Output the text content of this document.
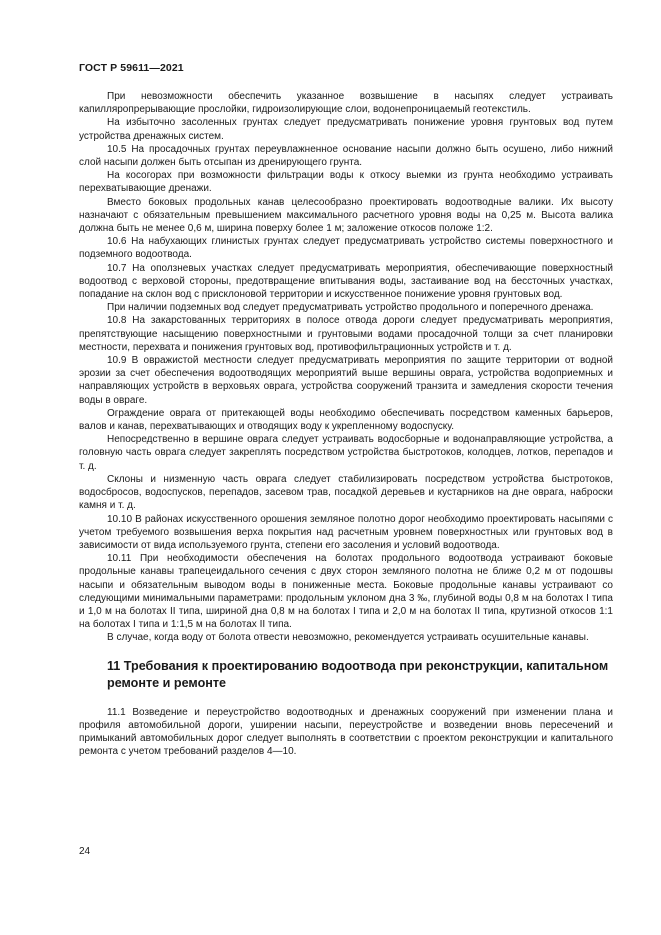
ГОСТ Р 59611—2021

При невозможности обеспечить указанное возвышение в насыпях следует устраивать капилляропрерывающие прослойки, гидроизолирующие слои, водонепроницаемый геотекстиль.

На избыточно засоленных грунтах следует предусматривать понижение уровня грунтовых вод путем устройства дренажных систем.

10.5 На просадочных грунтах переувлажненное основание насыпи должно быть осушено, либо нижний слой насыпи должен быть отсыпан из дренирующего грунта.

На косогорах при возможности фильтрации воды к откосу выемки из грунта необходимо устраивать перехватывающие дренажи.

Вместо боковых продольных канав целесообразно проектировать водоотводные валики. Их высоту назначают с обязательным превышением максимального расчетного уровня воды на 0,25 м. Высота валика должна быть не менее 0,6 м, ширина поверху более 1 м; заложение откосов положе 1:2.

10.6 На набухающих глинистых грунтах следует предусматривать устройство системы поверхностного и подземного водоотвода.

10.7 На оползневых участках следует предусматривать мероприятия, обеспечивающие поверхностный водоотвод с верховой стороны, предотвращение впитывания воды, застаивание вод на бессточных участках, попадание на склон вод с присклоновой территории и искусственное понижение уровня грунтовых вод.

При наличии подземных вод следует предусматривать устройство продольного и поперечного дренажа.

10.8 На закарстованных территориях в полосе отвода дороги следует предусматривать мероприятия, препятствующие насыщению поверхностными и грунтовыми водами просадочной толщи за счет планировки местности, перехвата и понижения грунтовых вод, противофильтрационных устройств и т. д.

10.9 В овражистой местности следует предусматривать мероприятия по защите территории от водной эрозии за счет обеспечения водоотводящих мероприятий выше вершины оврага, устройства водоприемных и направляющих устройств в верховьях оврага, устройства сооружений транзита и замедления скорости течения воды в овраге.

Ограждение оврага от притекающей воды необходимо обеспечивать посредством каменных барьеров, валов и канав, перехватывающих и отводящих воду к укрепленному водоспуску.

Непосредственно в вершине оврага следует устраивать водосборные и водонаправляющие устройства, а головную часть оврага следует закреплять посредством устройства быстротоков, колодцев, лотков, перепадов и т. д.

Склоны и низменную часть оврага следует стабилизировать посредством устройства быстротоков, водосбросов, водоспусков, перепадов, засевом трав, посадкой деревьев и кустарников на дне оврага, наброски камня и т. д.

10.10 В районах искусственного орошения земляное полотно дорог необходимо проектировать насыпями с учетом требуемого возвышения верха покрытия над расчетным уровнем поверхностных или грунтовых вод в зависимости от вида используемого грунта, степени его засоления и условий водоотвода.

10.11 При необходимости обеспечения на болотах продольного водоотвода устраивают боковые продольные канавы трапецеидального сечения с двух сторон земляного полотна не ближе 0,2 м от подошвы насыпи и обязательным выводом воды в пониженные места. Боковые продольные канавы устраивают со следующими минимальными параметрами: продольным уклоном дна 3 ‰, глубиной воды 0,8 м на болотах I типа и 1,0 м на болотах II типа, шириной дна 0,8 м на болотах I типа и 2,0 м на болотах II типа, крутизной откосов 1:1 на болотах I типа и 1:1,5 м на болотах II типа.

В случае, когда воду от болота отвести невозможно, рекомендуется устраивать осушительные канавы.

11 Требования к проектированию водоотвода при реконструкции, капитальном ремонте и ремонте

11.1 Возведение и переустройство водоотводных и дренажных сооружений при изменении плана и профиля автомобильной дороги, уширении насыпи, переустройстве и возведении вновь пересечений и примыканий автомобильных дорог следует выполнять в соответствии с проектом реконструкции и капитального ремонта с учетом требований разделов 4—10.

24
